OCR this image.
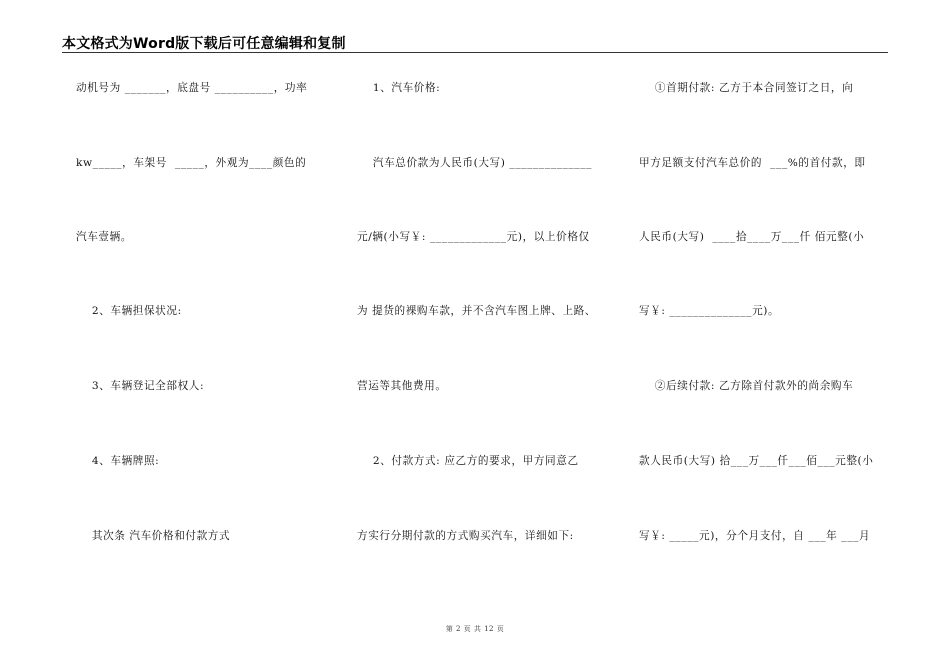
本文格式为Word版下载后可任意编辑和复制
动机号为 _______，底盘号 __________，功率
kw_____，车架号  _____，外观为____颜色的
汽车壹辆。
2、车辆担保状况:
3、车辆登记全部权人:
4、车辆牌照:
其次条 汽车价格和付款方式
1、汽车价格:
汽车总价款为人民币(大写) ______________
元/辆(小写￥: _____________元)，以上价格仅
为 提货的裸购车款，并不含汽车图上牌、上路、
营运等其他费用。
2、付款方式: 应乙方的要求，甲方同意乙
方实行分期付款的方式购买汽车，详细如下:
①首期付款: 乙方于本合同签订之日，向
甲方足额支付汽车总价的  ___%的首付款，即
人民币(大写)  ____拾____万___仟 佰元整(小
写￥: ______________元)。
②后续付款: 乙方除首付款外的尚余购车
款人民币(大写) 拾___万___仟___佰___元整(小
写￥: _____元)，分个月支付，自 ___年 ___月
第 2 页 共 12 页
